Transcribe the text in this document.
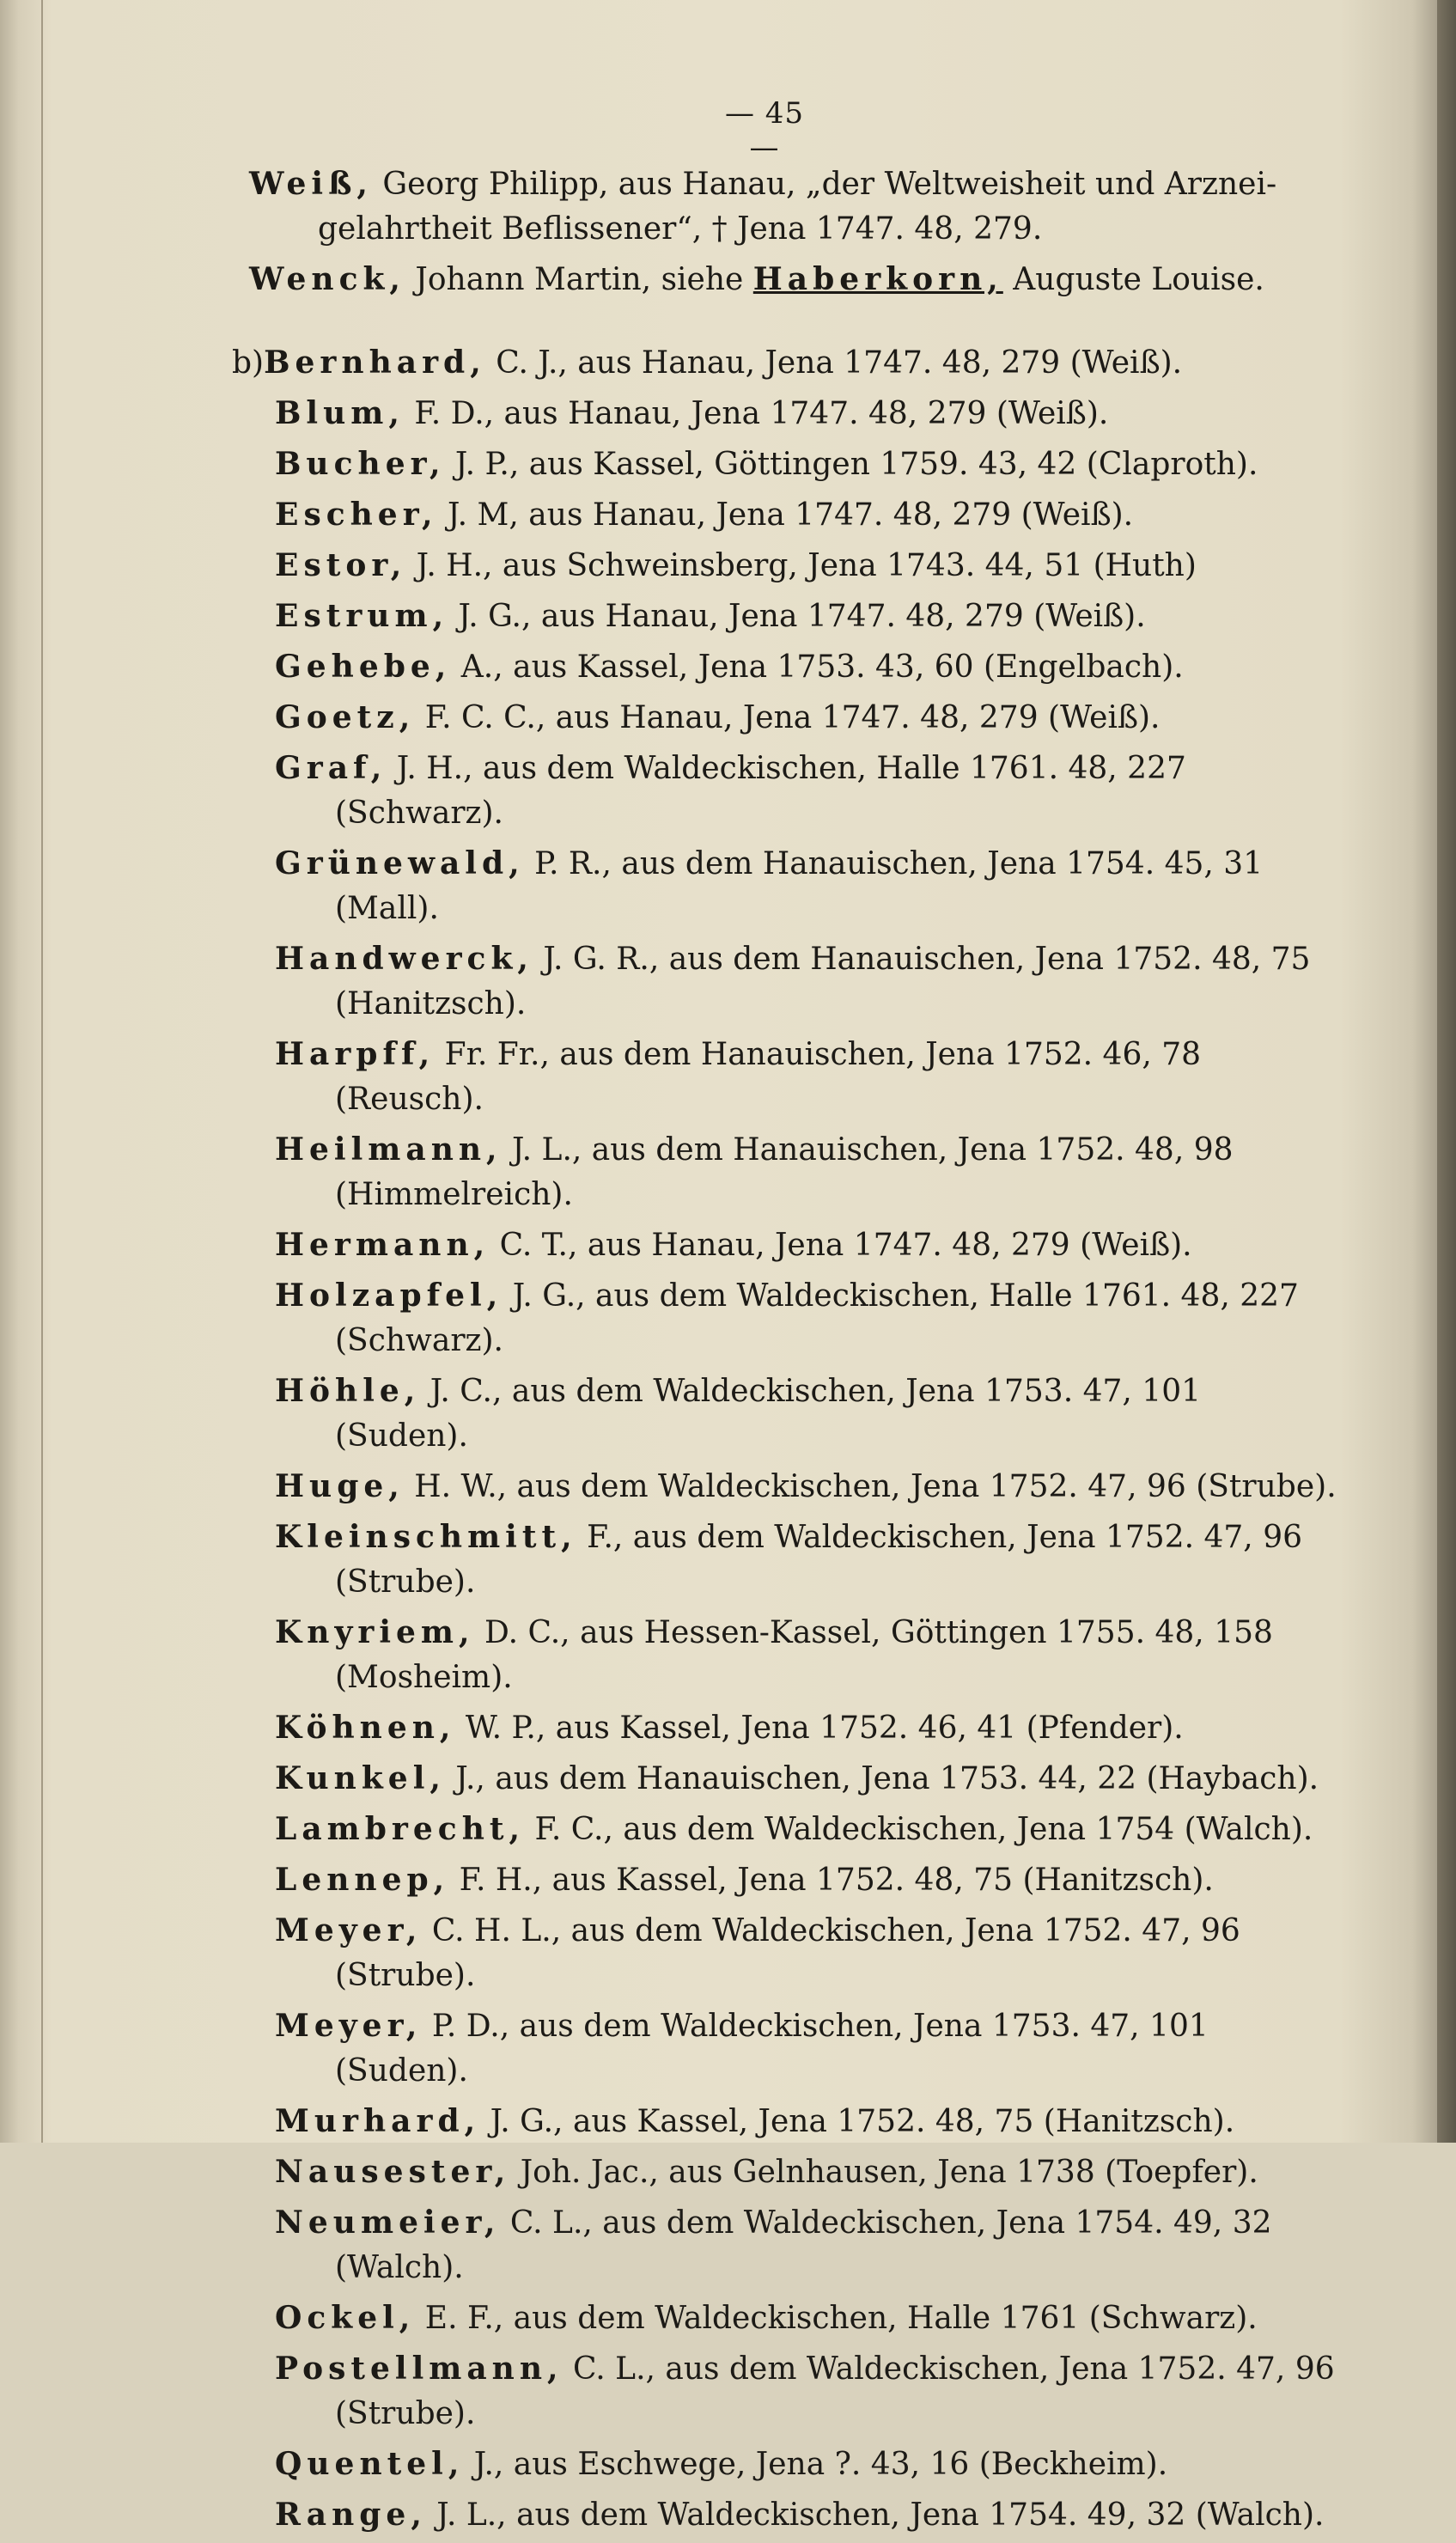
— 45 —

Weiß, Georg Philipp, aus Hanau, „der Weltweisheit und Arznei-gelahrtheit Beflissener“, † Jena 1747. 48, 279.

Wenck, Johann Martin, siehe Haberkorn, Auguste Louise.

b)Bernhard, C. J., aus Hanau, Jena 1747. 48, 279 (Weiß).

Blum, F. D., aus Hanau, Jena 1747. 48, 279 (Weiß).

Bucher, J. P., aus Kassel, Göttingen 1759. 43, 42 (Claproth).

Escher, J. M, aus Hanau, Jena 1747. 48, 279 (Weiß).

Estor, J. H., aus Schweinsberg, Jena 1743. 44, 51 (Huth)

Estrum, J. G., aus Hanau, Jena 1747. 48, 279 (Weiß).

Gehebe, A., aus Kassel, Jena 1753. 43, 60 (Engelbach).

Goetz, F. C. C., aus Hanau, Jena 1747. 48, 279 (Weiß).

Graf, J. H., aus dem Waldeckischen, Halle 1761. 48, 227 (Schwarz).

Grünewald, P. R., aus dem Hanauischen, Jena 1754. 45, 31 (Mall).

Handwerck, J. G. R., aus dem Hanauischen, Jena 1752. 48, 75 (Hanitzsch).

Harpff, Fr. Fr., aus dem Hanauischen, Jena 1752. 46, 78 (Reusch).

Heilmann, J. L., aus dem Hanauischen, Jena 1752. 48, 98 (Himmelreich).

Hermann, C. T., aus Hanau, Jena 1747. 48, 279 (Weiß).

Holzapfel, J. G., aus dem Waldeckischen, Halle 1761. 48, 227 (Schwarz).

Höhle, J. C., aus dem Waldeckischen, Jena 1753. 47, 101 (Suden).

Huge, H. W., aus dem Waldeckischen, Jena 1752. 47, 96 (Strube).

Kleinschmitt, F., aus dem Waldeckischen, Jena 1752. 47, 96 (Strube).

Knyriem, D. C., aus Hessen-Kassel, Göttingen 1755. 48, 158 (Mosheim).

Köhnen, W. P., aus Kassel, Jena 1752. 46, 41 (Pfender).

Kunkel, J., aus dem Hanauischen, Jena 1753. 44, 22 (Haybach).

Lambrecht, F. C., aus dem Waldeckischen, Jena 1754 (Walch).

Lennep, F. H., aus Kassel, Jena 1752. 48, 75 (Hanitzsch).

Meyer, C. H. L., aus dem Waldeckischen, Jena 1752. 47, 96 (Strube).

Meyer, P. D., aus dem Waldeckischen, Jena 1753. 47, 101 (Suden).

Murhard, J. G., aus Kassel, Jena 1752. 48, 75 (Hanitzsch).

Nausester, Joh. Jac., aus Gelnhausen, Jena 1738 (Toepfer).

Neumeier, C. L., aus dem Waldeckischen, Jena 1754. 49, 32 (Walch).

Ockel, E. F., aus dem Waldeckischen, Halle 1761 (Schwarz).

Postellmann, C. L., aus dem Waldeckischen, Jena 1752. 47, 96 (Strube).

Quentel, J., aus Eschwege, Jena ?. 43, 16 (Beckheim).

Range, J. L., aus dem Waldeckischen, Jena 1754. 49, 32 (Walch).
